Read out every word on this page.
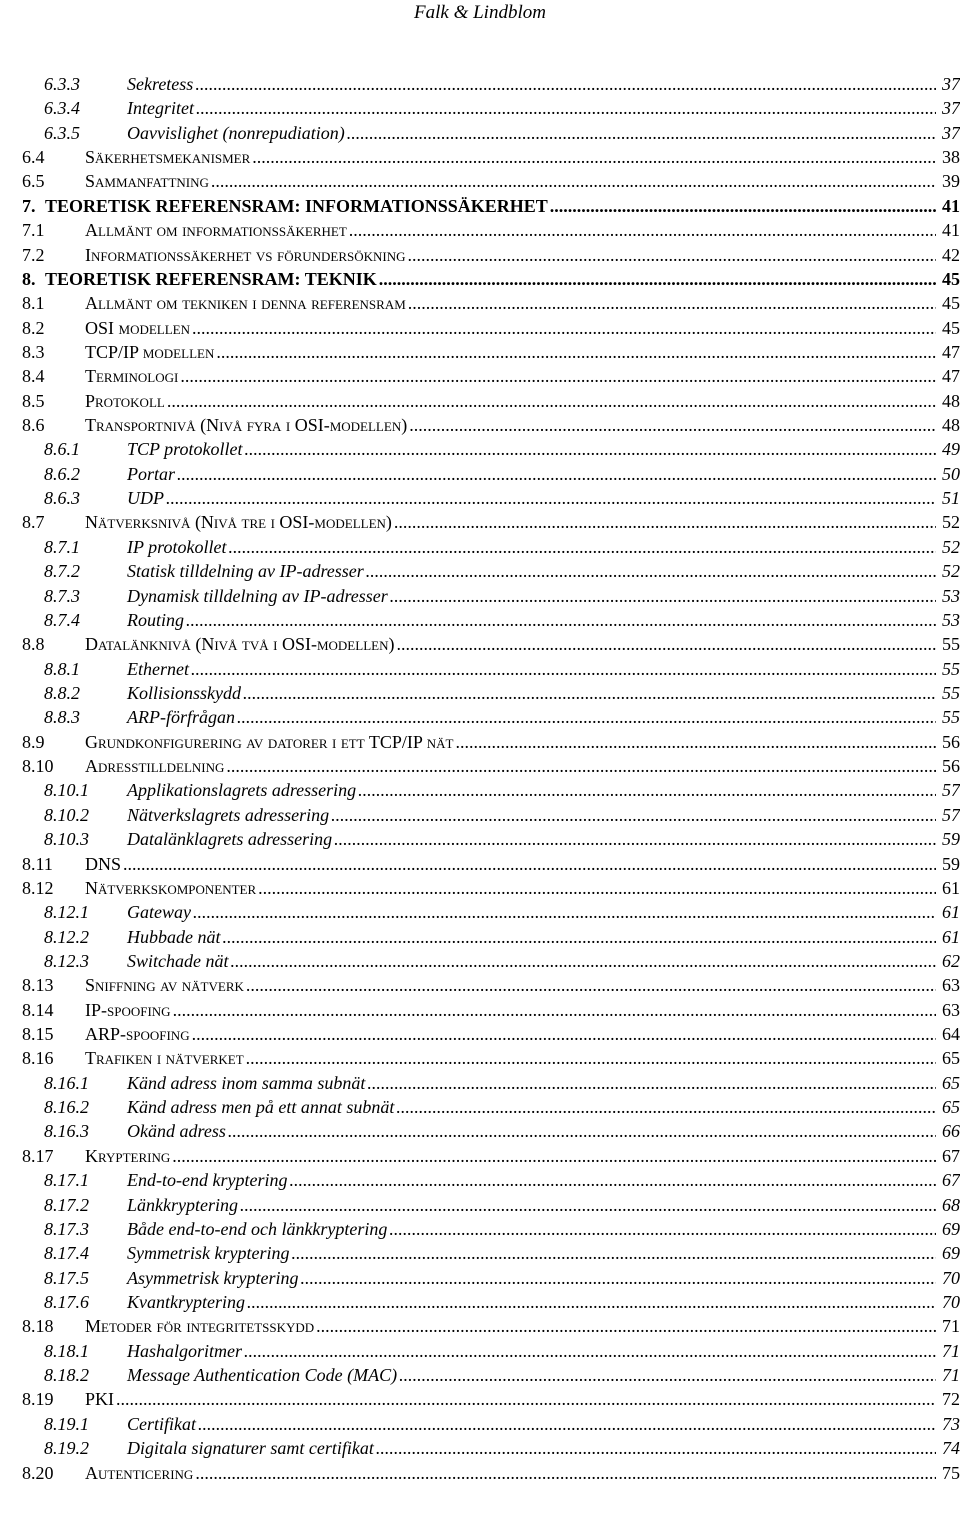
Falk & Lindblom
6.3.3	Sekretess .....	37
6.3.4	Integritet .....	37
6.3.5	Oavvislighet (nonrepudiation) .....	37
6.4 Säkerhetsmekanismer .....	38
6.5 Sammanfattning .....	39
7. TEORETISK REFERENSRAM: INFORMATIONSSÄKERHET .....	41
7.1 Allmänt om informationssäkerhet .....	41
7.2 Informationssäkerhet vs förundersökning .....	42
8. TEORETISK REFERENSRAM: TEKNIK .....	45
8.1 Allmänt om tekniken i denna referensram .....	45
8.2 OSI modellen .....	45
8.3 TCP/IP modellen .....	47
8.4 Terminologi .....	47
8.5 Protokoll .....	48
8.6 Transportnivå (Nivå fyra i OSI-modellen) .....	48
8.6.1	TCP protokollet .....	49
8.6.2	Portar .....	50
8.6.3	UDP .....	51
8.7 Nätverksnivå (Nivå tre i OSI-modellen) .....	52
8.7.1	IP protokollet .....	52
8.7.2	Statisk tilldelning av IP-adresser .....	52
8.7.3	Dynamisk tilldelning av IP-adresser .....	53
8.7.4	Routing .....	53
8.8 Datalänknivå (Nivå två i OSI-modellen) .....	55
8.8.1	Ethernet .....	55
8.8.2	Kollisionsskydd .....	55
8.8.3	ARP-förfrågan .....	55
8.9 Grundkonfigurering av datorer i ett TCP/IP nät .....	56
8.10 Adresstilldelning .....	56
8.10.1 Applikationslagrets adressering .....	57
8.10.2 Nätverkslagrets adressering .....	57
8.10.3 Datalänklagrets adressering .....	59
8.11 DNS .....	59
8.12 Nätverkskomponenter .....	61
8.12.1 Gateway .....	61
8.12.2 Hubbade nät .....	61
8.12.3 Switchade nät .....	62
8.13 Sniffning av nätverk .....	63
8.14 IP-spoofing .....	63
8.15 ARP-spoofing .....	64
8.16 Trafiken i nätverket .....	65
8.16.1 Känd adress inom samma subnät .....	65
8.16.2 Känd adress men på ett annat subnät .....	65
8.16.3 Okänd adress .....	66
8.17 Kryptering .....	67
8.17.1 End-to-end kryptering .....	67
8.17.2 Länkkryptering .....	68
8.17.3 Både end-to-end och länkkryptering .....	69
8.17.4 Symmetrisk kryptering .....	69
8.17.5 Asymmetrisk kryptering .....	70
8.17.6 Kvantkryptering .....	70
8.18 Metoder för integritetsskydd .....	71
8.18.1 Hashalgoritmer .....	71
8.18.2 Message Authentication Code (MAC) .....	71
8.19 PKI .....	72
8.19.1 Certifikat .....	73
8.19.2 Digitala signaturer samt certifikat .....	74
8.20 Autenticering .....	75
